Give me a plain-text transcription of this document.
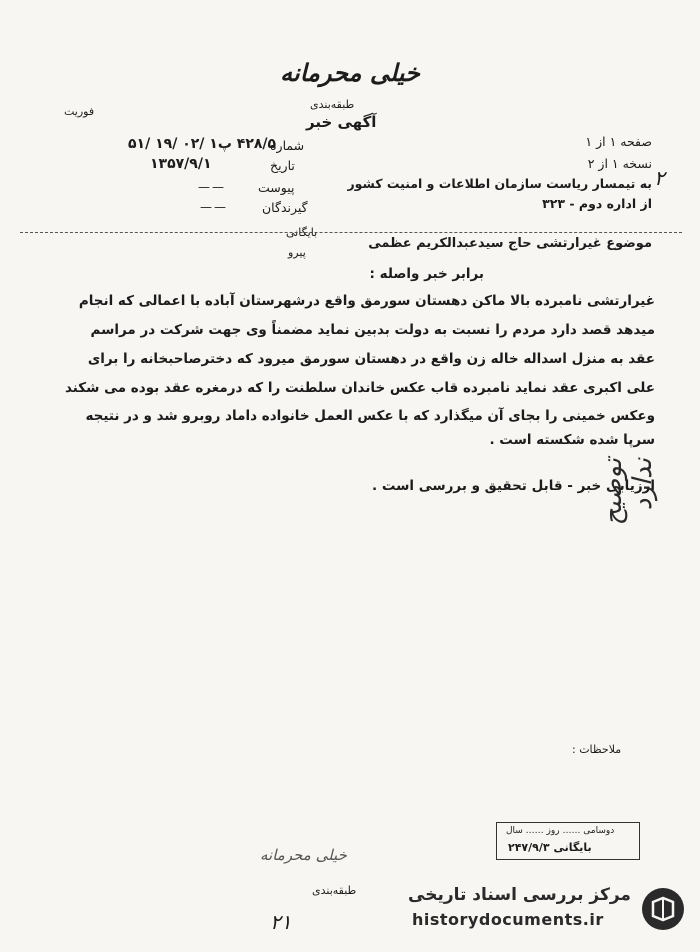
خیلی محرمانه
طبقه‌بندی
فوریت
آگهی خبر
صفحه ۱ از ۱
نسخه ۱ از ۲
به تیمسار ریاست سازمان اطلاعات و امنیت کشور
از اداره دوم - ۳۲۳
شماره
۴۲۸/۵ پ۱ /۰۲ /۱۹ /۵۱
تاریخ
۱۳۵۷/۹/۱
پیوست
——
گیرندگان
——
۲
بایگانی
پیرو
موضوع غیرارتشی حاج سیدعبدالکریم عظمی
برابر خبر واصله :
غیرارتشی نامبرده بالا ماکن دهستان سورمق واقع درشهرستان آباده با اعمالی که انجام
میدهد قصد دارد مردم را نسبت به دولت بدبین نماید مضمناً وی جهت شرکت در مراسم
عقد به منزل اسداله خاله زن واقع در دهستان سورمق میرود که دخترصاحبخانه را برای
علی اکبری عقد نماید نامبرده قاب عکس خاندان سلطنت را که درمغره عقد بوده می شکند
وعکس خمینی را بجای آن میگذارد که با عکس العمل خانواده داماد روبرو شد و در نتیجه
سرپا شده شکسته است .
ارزیابی خبر - قابل تحقیق و بررسی است .
توضیح ندارد
ملاحظات :
دوسامی …… روز …… سال
بایگانی ۲۴۷/۹/۳
خیلی محرمانه
طبقه‌بندی
۲۱
مرکز بررسی اسناد تاریخی
historydocuments.ir
